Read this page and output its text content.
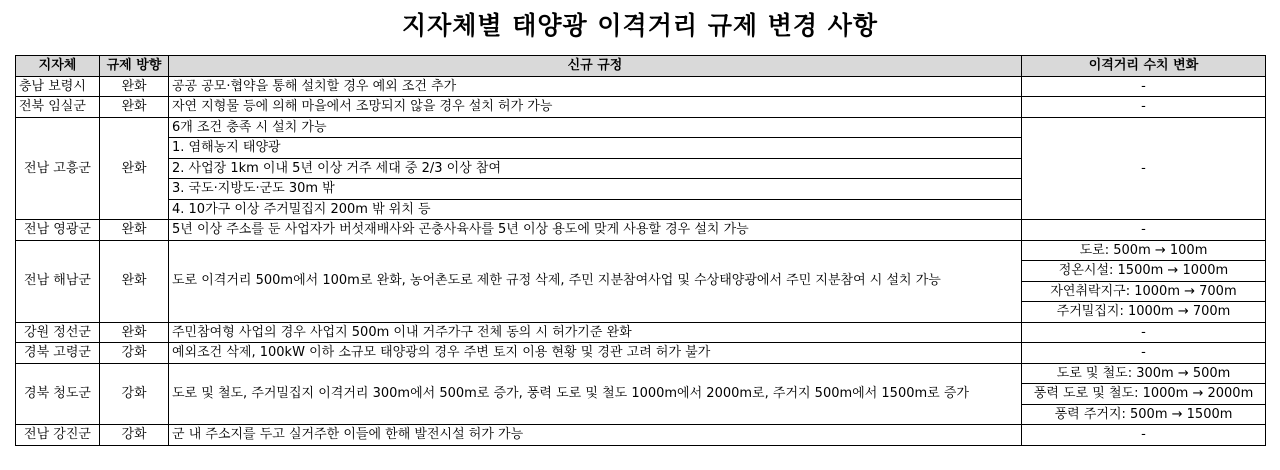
지자체별 태양광 이격거리 규제 변경 사항
지자체	규제 방향	신규 규정	이격거리 수치 변화
충남 보령시	완화	공공 공모·협약을 통해 설치할 경우 예외 조건 추가	-
전북 임실군	완화	자연 지형물 등에 의해 마을에서 조망되지 않을 경우 설치 허가 가능	-
전남 고흥군	완화	6개 조건 충족 시 설치 가능	-
		1. 염해농지 태양광	
		2. 사업장 1km 이내 5년 이상 거주 세대 중 2/3 이상 참여	
		3. 국도·지방도·군도 30m 밖	
		4. 10가구 이상 주거밀집지 200m 밖 위치 등	
전남 영광군	완화	5년 이상 주소를 둔 사업자가 버섯재배사와 곤충사육사를 5년 이상 용도에 맞게 사용할 경우 설치 가능	-
전남 해남군	완화	도로 이격거리 500m에서 100m로 완화, 농어촌도로 제한 규정 삭제, 주민 지분참여사업 및 수상태양광에서 주민 지분참여 시 설치 가능	도로: 500m → 100m
			정온시설: 1500m → 1000m
			자연취락지구: 1000m → 700m
			주거밀집지: 1000m → 700m
강원 정선군	완화	주민참여형 사업의 경우 사업지 500m 이내 거주가구 전체 동의 시 허가기준 완화	-
경북 고령군	강화	예외조건 삭제, 100kW 이하 소규모 태양광의 경우 주변 토지 이용 현황 및 경관 고려 허가 불가	-
경북 청도군	강화	도로 및 철도, 주거밀집지 이격거리 300m에서 500m로 증가, 풍력 도로 및 철도 1000m에서 2000m로, 주거지 500m에서 1500m로 증가	도로 및 철도: 300m → 500m
			풍력 도로 및 철도: 1000m → 2000m
			풍력 주거지: 500m → 1500m
전남 강진군	강화	군 내 주소지를 두고 실거주한 이들에 한해 발전시설 허가 가능	-
